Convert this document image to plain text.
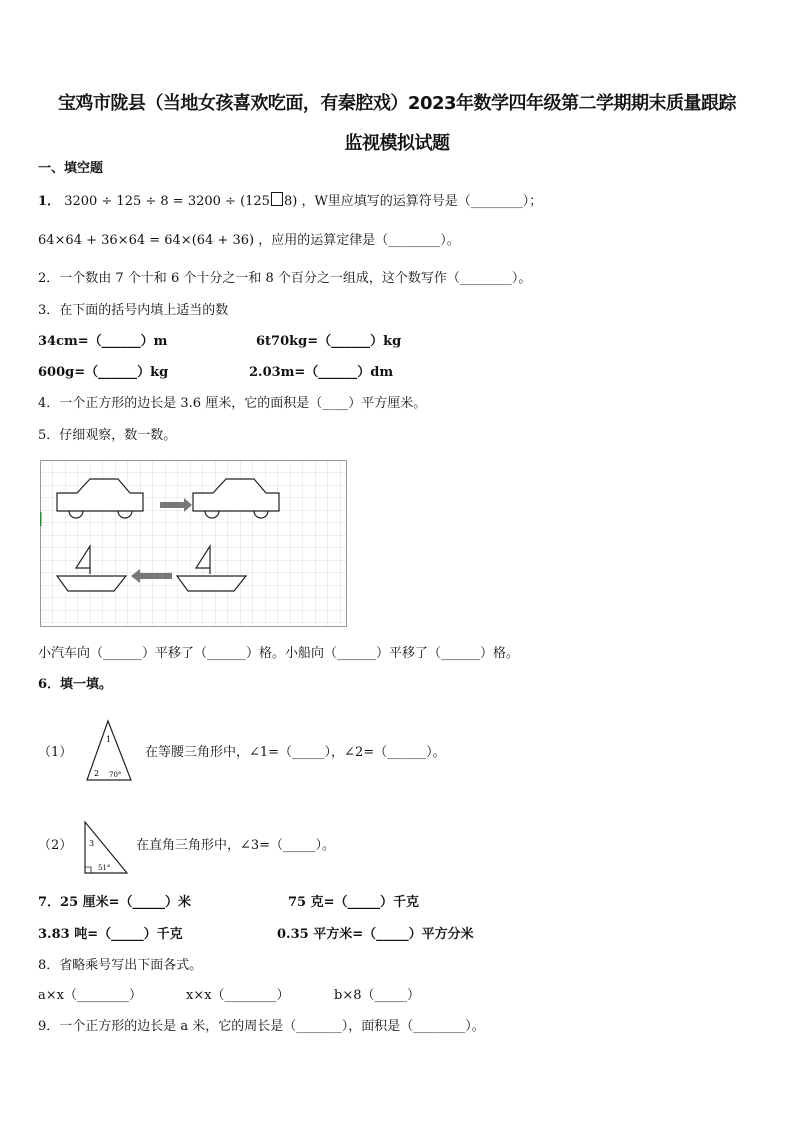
宝鸡市陇县（当地女孩喜欢吃面，有秦腔戏）2023年数学四年级第二学期期末质量跟踪
监视模拟试题
一、填空题
1． 3200 ÷ 125 ÷ 8 = 3200 ÷ (125 8) ，W里应填写的运算符号是（________）；
64×64 + 36×64 = 64×(64 + 36) ，应用的运算定律是（________）。
2．一个数由 7 个十和 6 个十分之一和 8 个百分之一组成，这个数写作（________）。
3．在下面的括号内填上适当的数
34cm=（______）m	6t70kg=（______）kg
600g=（______）kg	2.03m=（______）dm
4．一个正方形的边长是 3.6 厘米，它的面积是（____）平方厘米。
5．仔细观察，数一数。
小汽车向（______）平移了（______）格。小船向（______）平移了（______）格。
6．填一填。
（1）
1
2 70°
在等腰三角形中，∠1=（_____），∠2=（______）。
（2） 3
51°
在直角三角形中，∠3=（_____）。
7．25 厘米=（_____）米	75 克=（_____）千克
3.83 吨=（_____）千克	0.35 平方米=（_____）平方分米
8．省略乘号写出下面各式。
a×x（________）	x×x（________）	b×8（_____）
9．一个正方形的边长是 a 米，它的周长是（_______），面积是（________）。
